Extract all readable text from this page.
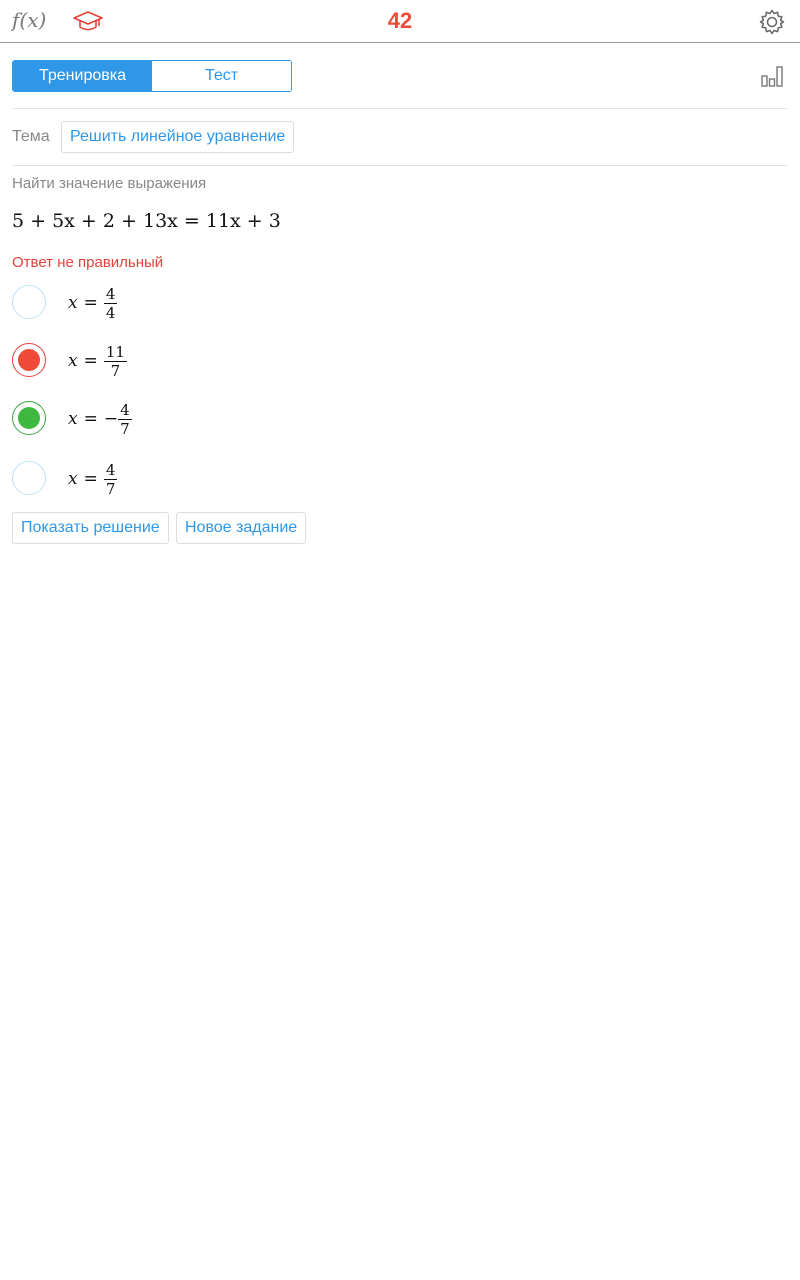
f(x)	42
Тренировка	Тест
Тема	Решить линейное уравнение
Найти значение выражения
5 + 5x + 2 + 13x = 11x + 3
Ответ не правильный
$x = \frac{4}{4}$
$x = \frac{11}{7}$
x = − $\frac{4}{7}$
$x = \frac{4}{7}$
Показать решение	Новое задание
